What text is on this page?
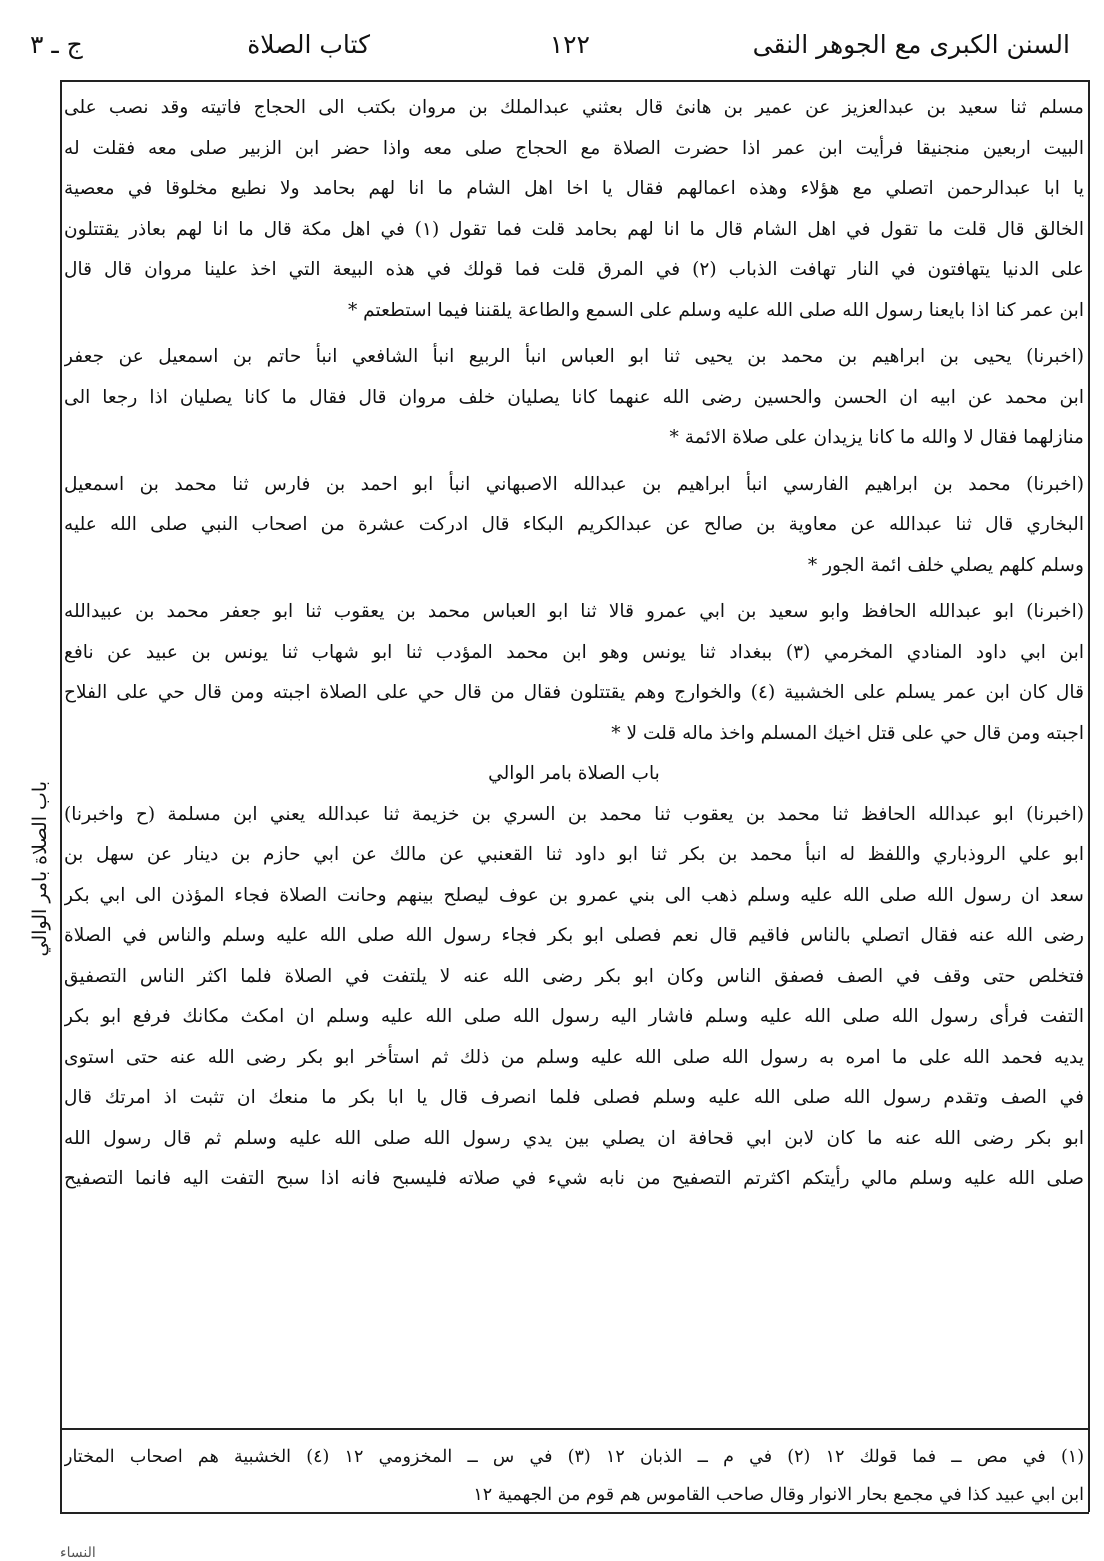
السنن الكبرى مع الجوهر النقى
١٢٢
كتاب الصلاة
ج ـ ٣
مسلم ثنا سعيد بن عبدالعزيز عن عمير بن هانئ قال بعثني عبدالملك بن مروان بكتب الى الحجاج فاتيته وقد نصب على
البيت اربعين منجنيقا فرأيت ابن عمر اذا حضرت الصلاة مع الحجاج صلى معه واذا حضر ابن الزبير صلى معه فقلت له
يا ابا عبدالرحمن اتصلي مع هؤلاء وهذه اعمالهم فقال يا اخا اهل الشام ما انا لهم بحامد ولا نطيع مخلوقا في معصية
الخالق قال قلت ما تقول في اهل الشام قال ما انا لهم بحامد قلت فما تقول (١) في اهل مكة قال ما انا لهم بعاذر يقتتلون
على الدنيا يتهافتون في النار تهافت الذباب (٢) في المرق قلت فما قولك في هذه البيعة التي اخذ علينا مروان قال قال
ابن عمر كنا اذا بايعنا رسول الله صلى الله عليه وسلم على السمع والطاعة يلقننا فيما استطعتم *
(اخبرنا) يحيى بن ابراهيم بن محمد بن يحيى ثنا ابو العباس انبأ الربيع انبأ الشافعي انبأ حاتم بن اسمعيل عن جعفر
ابن محمد عن ابيه ان الحسن والحسين رضى الله عنهما كانا يصليان خلف مروان قال فقال ما كانا يصليان اذا رجعا الى
منازلهما فقال لا والله ما كانا يزيدان على صلاة الائمة *
(اخبرنا) محمد بن ابراهيم الفارسي انبأ ابراهيم بن عبدالله الاصبهاني انبأ ابو احمد بن فارس ثنا محمد بن اسمعيل
البخاري قال ثنا عبدالله عن معاوية بن صالح عن عبدالكريم البكاء قال ادركت عشرة من اصحاب النبي صلى الله عليه
وسلم كلهم يصلي خلف ائمة الجور *
(اخبرنا) ابو عبدالله الحافظ وابو سعيد بن ابي عمرو قالا ثنا ابو العباس محمد بن يعقوب ثنا ابو جعفر محمد بن عبيدالله
ابن ابي داود المنادي المخرمي (٣) ببغداد ثنا يونس وهو ابن محمد المؤدب ثنا ابو شهاب ثنا يونس بن عبيد عن نافع
قال كان ابن عمر يسلم على الخشبية (٤) والخوارج وهم يقتتلون فقال من قال حي على الصلاة اجبته ومن قال حي على الفلاح
اجبته ومن قال حي على قتل اخيك المسلم واخذ ماله قلت لا *
باب الصلاة بامر الوالي
(اخبرنا) ابو عبدالله الحافظ ثنا محمد بن يعقوب ثنا محمد بن السري بن خزيمة ثنا عبدالله يعني ابن مسلمة (ح واخبرنا)
ابو علي الروذباري واللفظ له انبأ محمد بن بكر ثنا ابو داود ثنا القعنبي عن مالك عن ابي حازم بن دينار عن سهل بن
سعد ان رسول الله صلى الله عليه وسلم ذهب الى بني عمرو بن عوف ليصلح بينهم وحانت الصلاة فجاء المؤذن الى ابي بكر
رضى الله عنه فقال اتصلي بالناس فاقيم قال نعم فصلى ابو بكر فجاء رسول الله صلى الله عليه وسلم والناس في الصلاة
فتخلص حتى وقف في الصف فصفق الناس وكان ابو بكر رضى الله عنه لا يلتفت في الصلاة فلما اكثر الناس التصفيق
التفت فرأى رسول الله صلى الله عليه وسلم فاشار اليه رسول الله صلى الله عليه وسلم ان امكث مكانك فرفع ابو بكر
يديه فحمد الله على ما امره به رسول الله صلى الله عليه وسلم من ذلك ثم استأخر ابو بكر رضى الله عنه حتى استوى
في الصف وتقدم رسول الله صلى الله عليه وسلم فصلى فلما انصرف قال يا ابا بكر ما منعك ان تثبت اذ امرتك قال
ابو بكر رضى الله عنه ما كان لابن ابي قحافة ان يصلي بين يدي رسول الله صلى الله عليه وسلم ثم قال رسول الله
صلى الله عليه وسلم مالي رأيتكم اكثرتم التصفيح من نابه شيء في صلاته فليسبح فانه اذا سبح التفت اليه فانما التصفيح
(١) في مص ــ فما قولك ١٢ (٢) في م ــ الذبان ١٢ (٣) في س ــ المخزومي ١٢ (٤) الخشبية هم اصحاب المختار
ابن ابي عبيد كذا في مجمع بحار الانوار وقال صاحب القاموس هم قوم من الجهمية ١٢
باب الصلاة بامر الوالي
النساء
